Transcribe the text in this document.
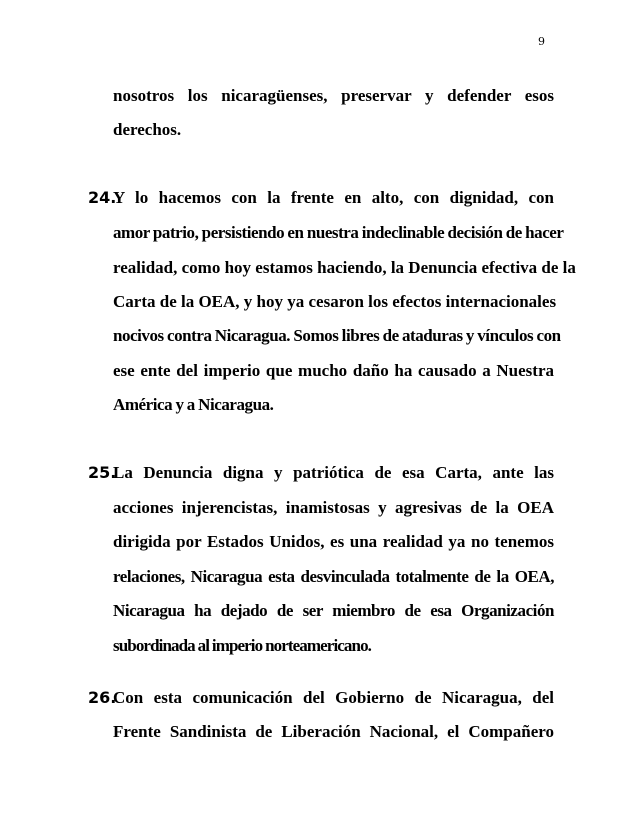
9
nosotros los nicaragüenses, preservar y defender esos
derechos.
24.
Y lo hacemos con la frente en alto, con dignidad, con
amor patrio, persistiendo en nuestra indeclinable decisión de hacer
realidad, como hoy estamos haciendo, la Denuncia efectiva de la
Carta de la OEA, y hoy ya cesaron los efectos internacionales
nocivos contra Nicaragua. Somos libres de ataduras y vínculos con
ese ente del imperio que mucho daño ha causado a Nuestra
América y a Nicaragua.
25.
La Denuncia digna y patriótica de esa Carta, ante las
acciones injerencistas, inamistosas y agresivas de la OEA
dirigida por Estados Unidos, es una realidad ya no tenemos
relaciones, Nicaragua esta desvinculada totalmente de la OEA,
Nicaragua ha dejado de ser miembro de esa Organización
subordinada al imperio norteamericano.
26.
Con esta comunicación del Gobierno de Nicaragua, del
Frente Sandinista de Liberación Nacional, el Compañero
